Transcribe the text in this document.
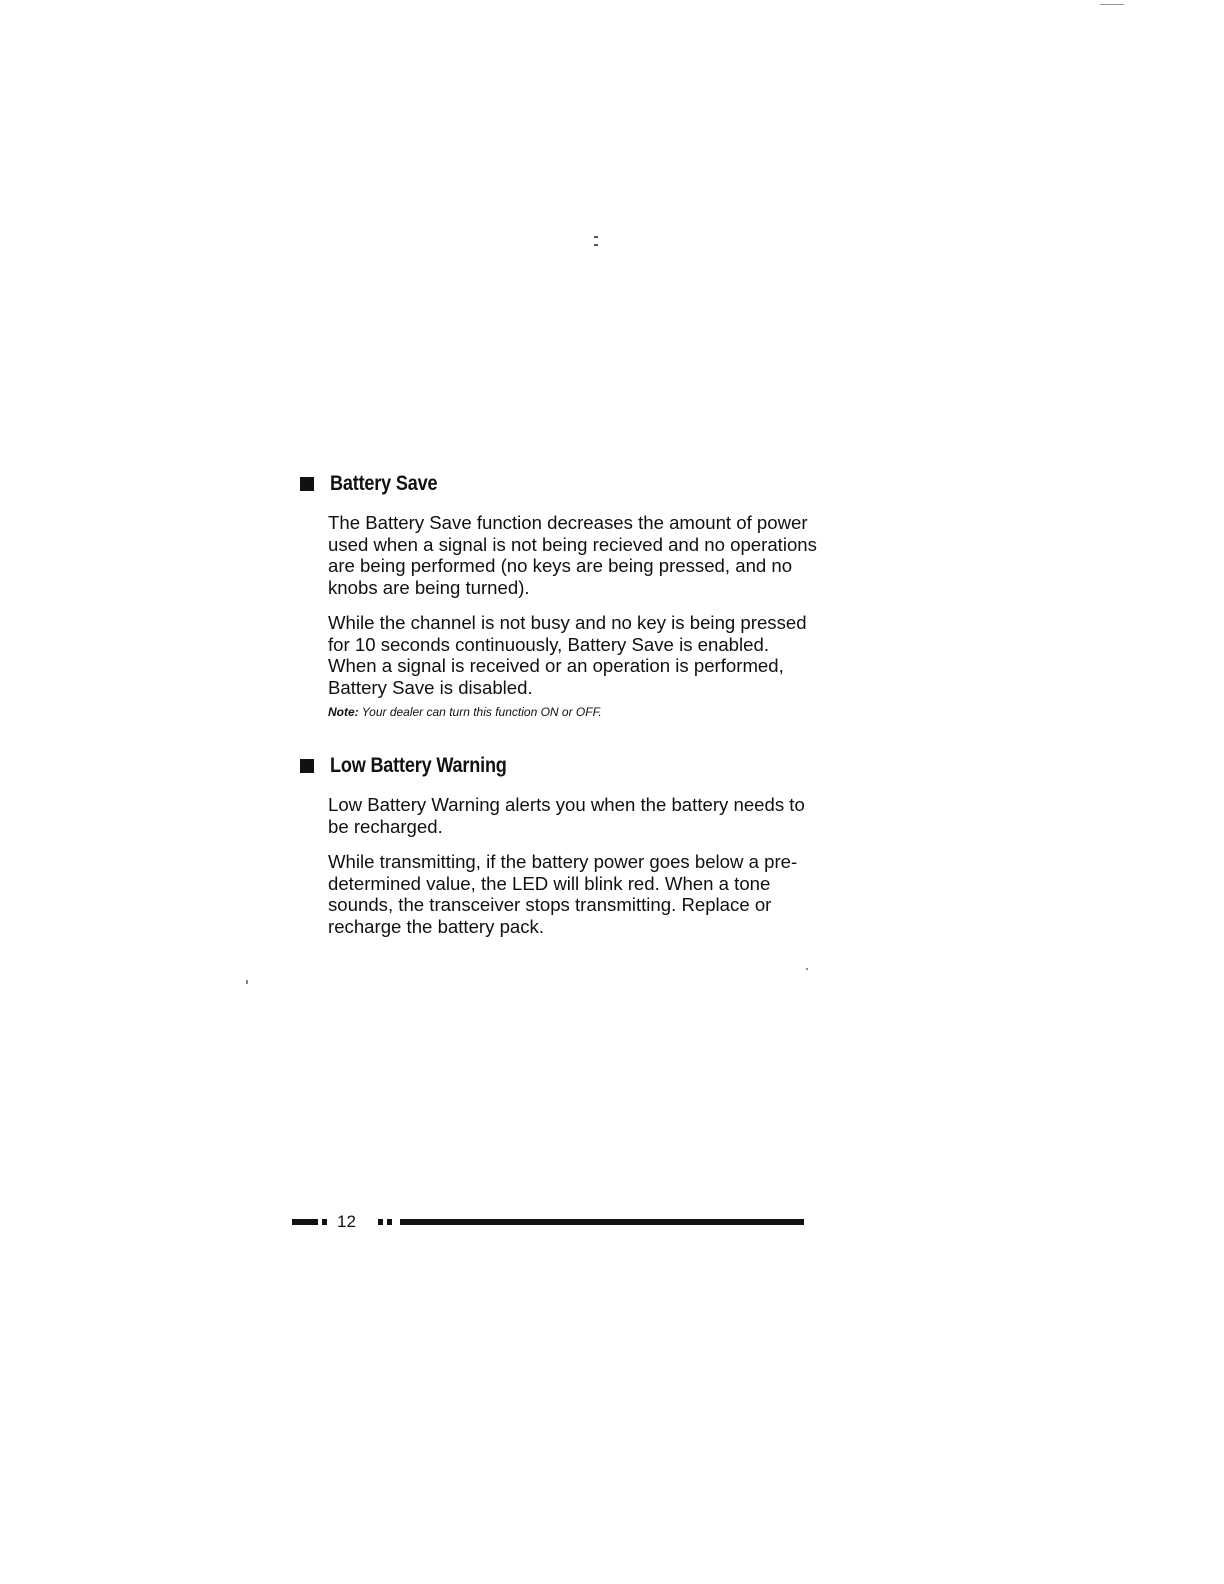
Battery Save

The Battery Save function decreases the amount of power used when a signal is not being recieved and no operations are being performed (no keys are being pressed, and no knobs are being turned).

While the channel is not busy and no key is being pressed for 10 seconds continuously, Battery Save is enabled. When a signal is received or an operation is performed, Battery Save is disabled.

Note: Your dealer can turn this function ON or OFF.

Low Battery Warning

Low Battery Warning alerts you when the battery needs to be recharged.

While transmitting, if the battery power goes below a pre-determined value, the LED will blink red. When a tone sounds, the transceiver stops transmitting. Replace or recharge the battery pack.

12
